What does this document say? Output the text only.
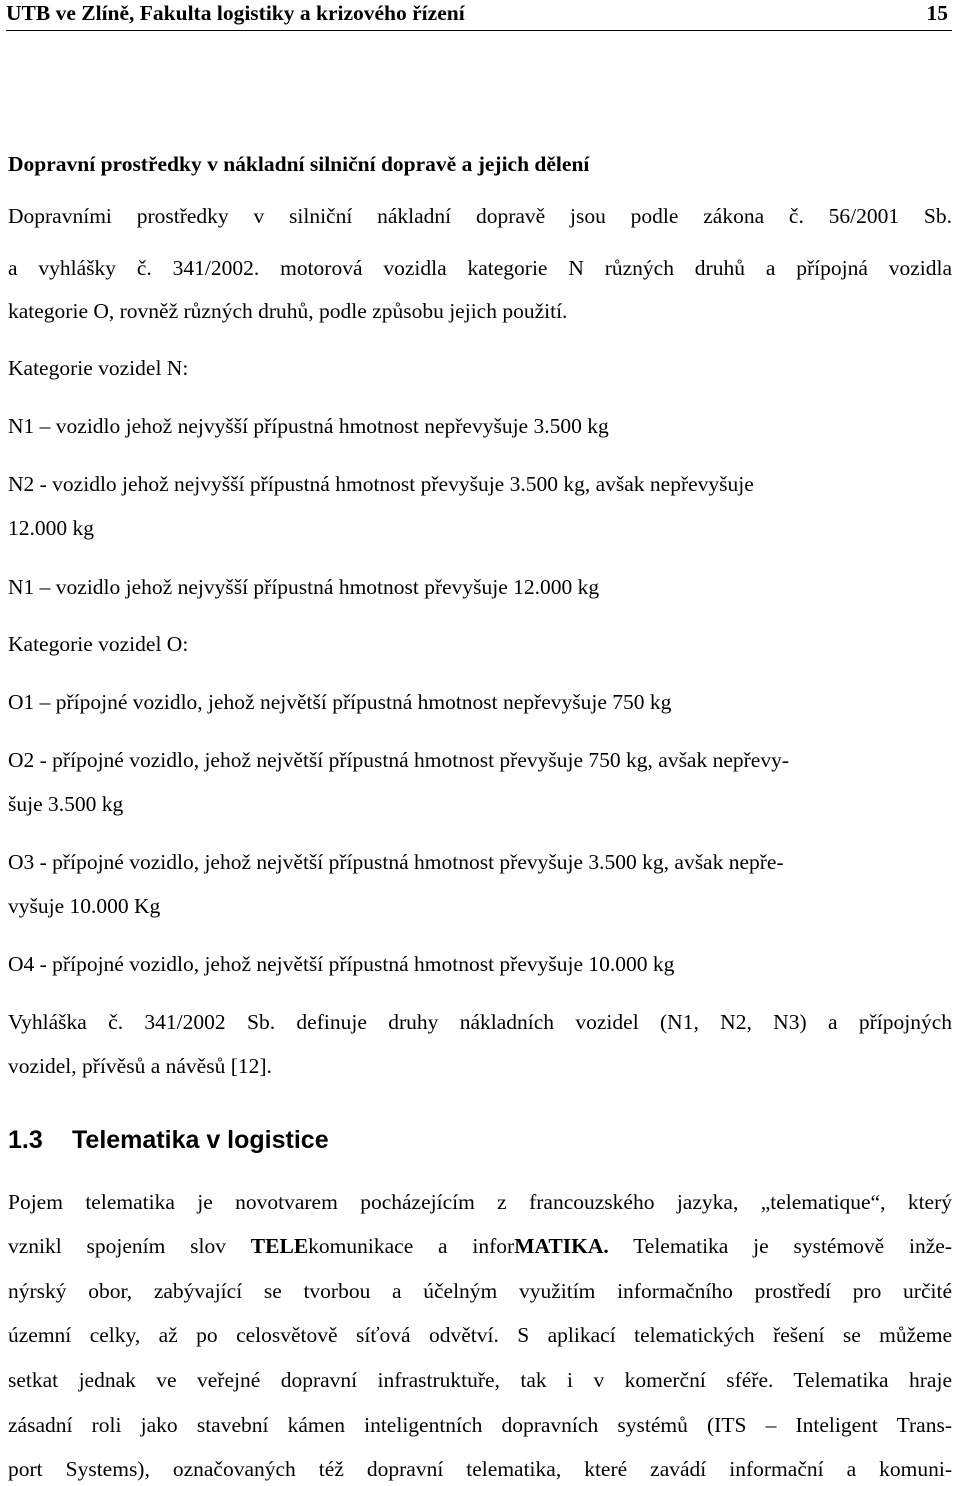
UTB ve Zlíně, Fakulta logistiky a krizového řízení	15
Dopravní prostředky v nákladní silniční dopravě a jejich dělení
Dopravními prostředky v silniční nákladní dopravě jsou podle zákona č. 56/2001 Sb.
a vyhlášky č. 341/2002. motorová vozidla kategorie N různých druhů a přípojná vozidla
kategorie O, rovněž různých druhů, podle způsobu jejich použití.
Kategorie vozidel N:
N1 – vozidlo jehož nejvyšší přípustná hmotnost nepřevyšuje 3.500 kg
N2 - vozidlo jehož nejvyšší přípustná hmotnost převyšuje 3.500 kg, avšak nepřevyšuje
12.000 kg
N1 – vozidlo jehož nejvyšší přípustná hmotnost převyšuje 12.000 kg
Kategorie vozidel O:
O1 – přípojné vozidlo, jehož největší přípustná hmotnost nepřevyšuje 750 kg
O2 - přípojné vozidlo, jehož největší přípustná hmotnost převyšuje 750 kg, avšak nepřevy-
šuje 3.500 kg
O3 - přípojné vozidlo, jehož největší přípustná hmotnost převyšuje 3.500 kg, avšak nepře-
vyšuje 10.000 Kg
O4 - přípojné vozidlo, jehož největší přípustná hmotnost převyšuje 10.000 kg
Vyhláška č. 341/2002 Sb. definuje druhy nákladních vozidel (N1, N2, N3) a přípojných
vozidel, přívěsů a návěsů [12].
1.3 Telematika v logistice
Pojem telematika je novotvarem pocházejícím z francouzského jazyka, „telematique“, který
vznikl spojením slov TELEkomunikace a inforMATIKA. Telematika je systémově inže-
nýrský obor, zabývající se tvorbou a účelným využitím informačního prostředí pro určité
územní celky, až po celosvětově síťová odvětví. S aplikací telematických řešení se můžeme
setkat jednak ve veřejné dopravní infrastruktuře, tak i v komerční sféře. Telematika hraje
zásadní roli jako stavební kámen inteligentních dopravních systémů (ITS – Inteligent Trans-
port Systems), označovaných též dopravní telematika, které zavádí informační a komuni-
